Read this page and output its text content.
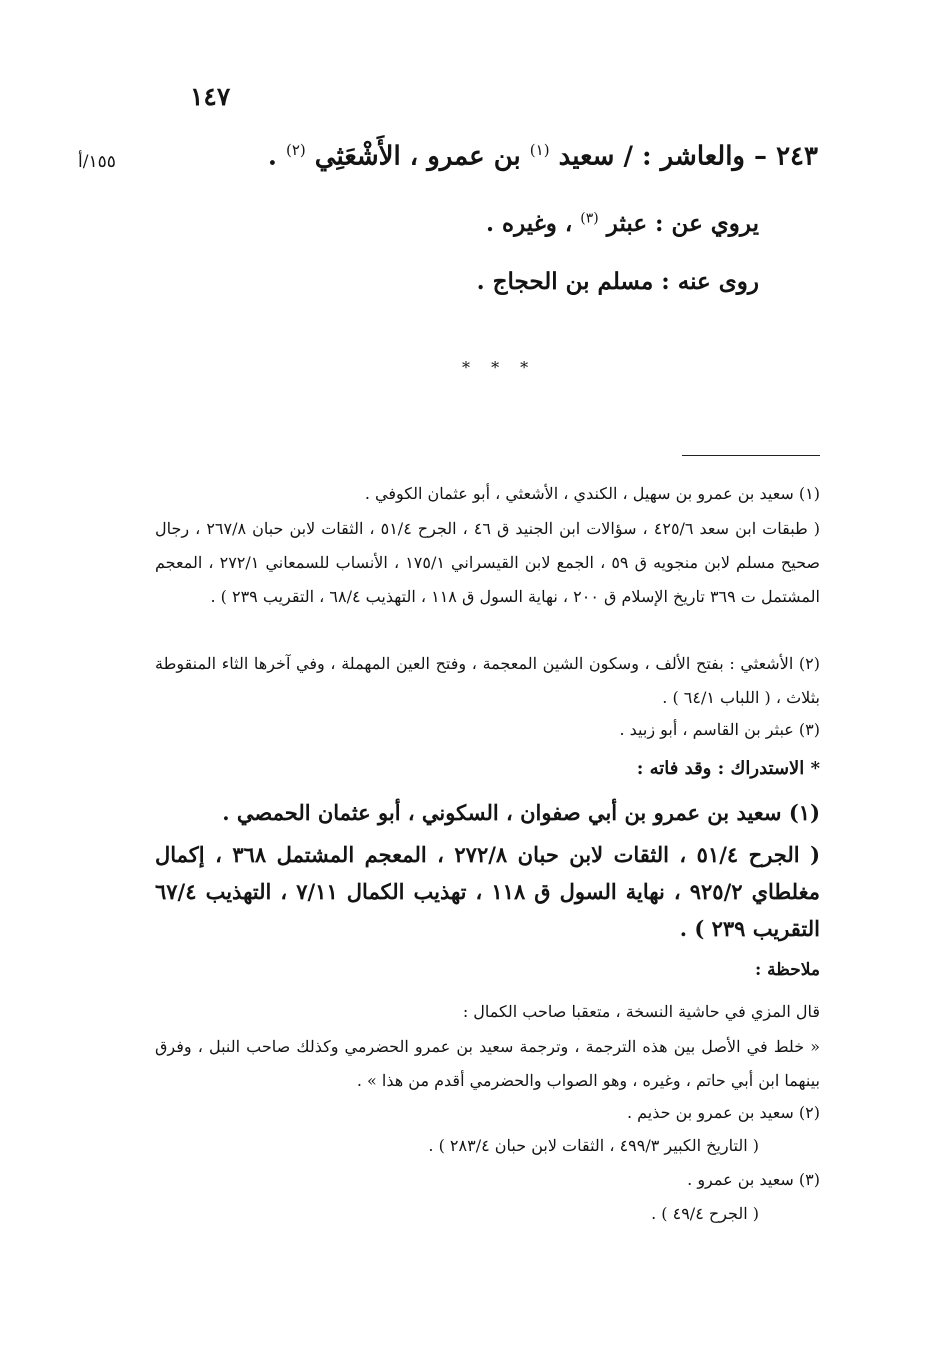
١٤٧
١٥٥/أ	٢٤٣ – والعاشر : / سعيد $^{(١)}$ بن عمرو ، الأَشْعَثِي $^{(٢)}$ .
يروي عن : عبثر $^{(٣)}$ ، وغيره .
روى عنه : مسلم بن الحجاج .
* * *
(١) سعيد بن عمرو بن سهيل ، الكندي ، الأشعثي ، أبو عثمان الكوفي .
( طبقات ابن سعد ٤٢٥/٦ ، سؤالات ابن الجنيد ق ٤٦ ، الجرح ٥١/٤ ، الثقات لابن حبان ٢٦٧/٨ ، رجال صحيح مسلم لابن منجويه ق ٥٩ ، الجمع لابن القيسراني ١٧٥/١ ، الأنساب للسمعاني ٢٧٢/١ ، المعجم المشتمل ت ٣٦٩ تاريخ الإسلام ق ٢٠٠ ، نهاية السول ق ١١٨ ، التهذيب ٦٨/٤ ، التقريب ٢٣٩ ) .
(٢) الأشعثي : بفتح الألف ، وسكون الشين المعجمة ، وفتح العين المهملة ، وفي آخرها الثاء المنقوطة بثلاث ، ( اللباب ٦٤/١ ) .
(٣) عبثر بن القاسم ، أبو زبيد .
* الاستدراك : وقد فاته :
(١) سعيد بن عمرو بن أبي صفوان ، السكوني ، أبو عثمان الحمصي .
( الجرح ٥١/٤ ، الثقات لابن حبان ٢٧٢/٨ ، المعجم المشتمل ٣٦٨ ، إكمال مغلطاي ٩٢٥/٢ ، نهاية السول ق ١١٨ ، تهذيب الكمال ٧/١١ ، التهذيب ٦٧/٤ التقريب ٢٣٩ ) .
ملاحظة :
قال المزي في حاشية النسخة ، متعقبا صاحب الكمال :
« خلط في الأصل بين هذه الترجمة ، وترجمة سعيد بن عمرو الحضرمي وكذلك صاحب النبل ، وفرق بينهما ابن أبي حاتم ، وغيره ، وهو الصواب والحضرمي أقدم من هذا » .
(٢) سعيد بن عمرو بن حذيم .
( التاريخ الكبير ٤٩٩/٣ ، الثقات لابن حبان ٢٨٣/٤ ) .
(٣) سعيد بن عمرو .
( الجرح ٤٩/٤ ) .
